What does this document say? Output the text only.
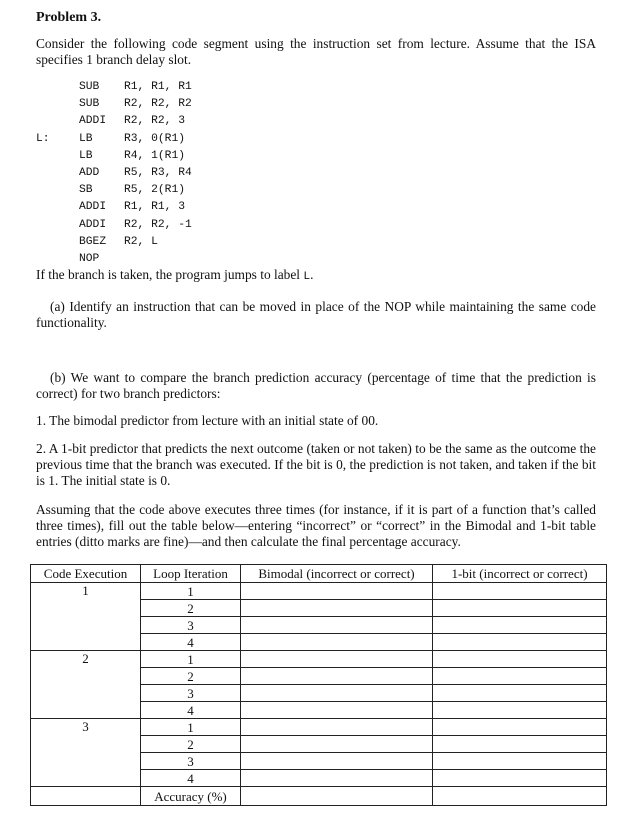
Problem 3.
Consider the following code segment using the instruction set from lecture. Assume that the ISA specifies 1 branch delay slot.
SUB	R1, R1, R1
SUB	R2, R2, R2
ADDI	R2, R2, 3
L:	LB	R3, 0(R1)
LB	R4, 1(R1)
ADD	R5, R3, R4
SB	R5, 2(R1)
ADDI	R1, R1, 3
ADDI	R2, R2, -1
BGEZ	R2, L
NOP
If the branch is taken, the program jumps to label L.
(a) Identify an instruction that can be moved in place of the NOP while maintaining the same code functionality.
(b) We want to compare the branch prediction accuracy (percentage of time that the prediction is correct) for two branch predictors:
1. The bimodal predictor from lecture with an initial state of 00.
2. A 1-bit predictor that predicts the next outcome (taken or not taken) to be the same as the outcome the previous time that the branch was executed. If the bit is 0, the prediction is not taken, and taken if the bit is 1. The initial state is 0.
Assuming that the code above executes three times (for instance, if it is part of a function that’s called three times), fill out the table below—entering “incorrect” or “correct” in the Bimodal and 1-bit table entries (ditto marks are fine)—and then calculate the final percentage accuracy.
Code Execution	Loop Iteration	Bimodal (incorrect or correct)	1-bit (incorrect or correct)
1	1		
	2		
	3		
	4		
2	1		
	2		
	3		
	4		
3	1		
	2		
	3		
	4		
	Accuracy (%)		
